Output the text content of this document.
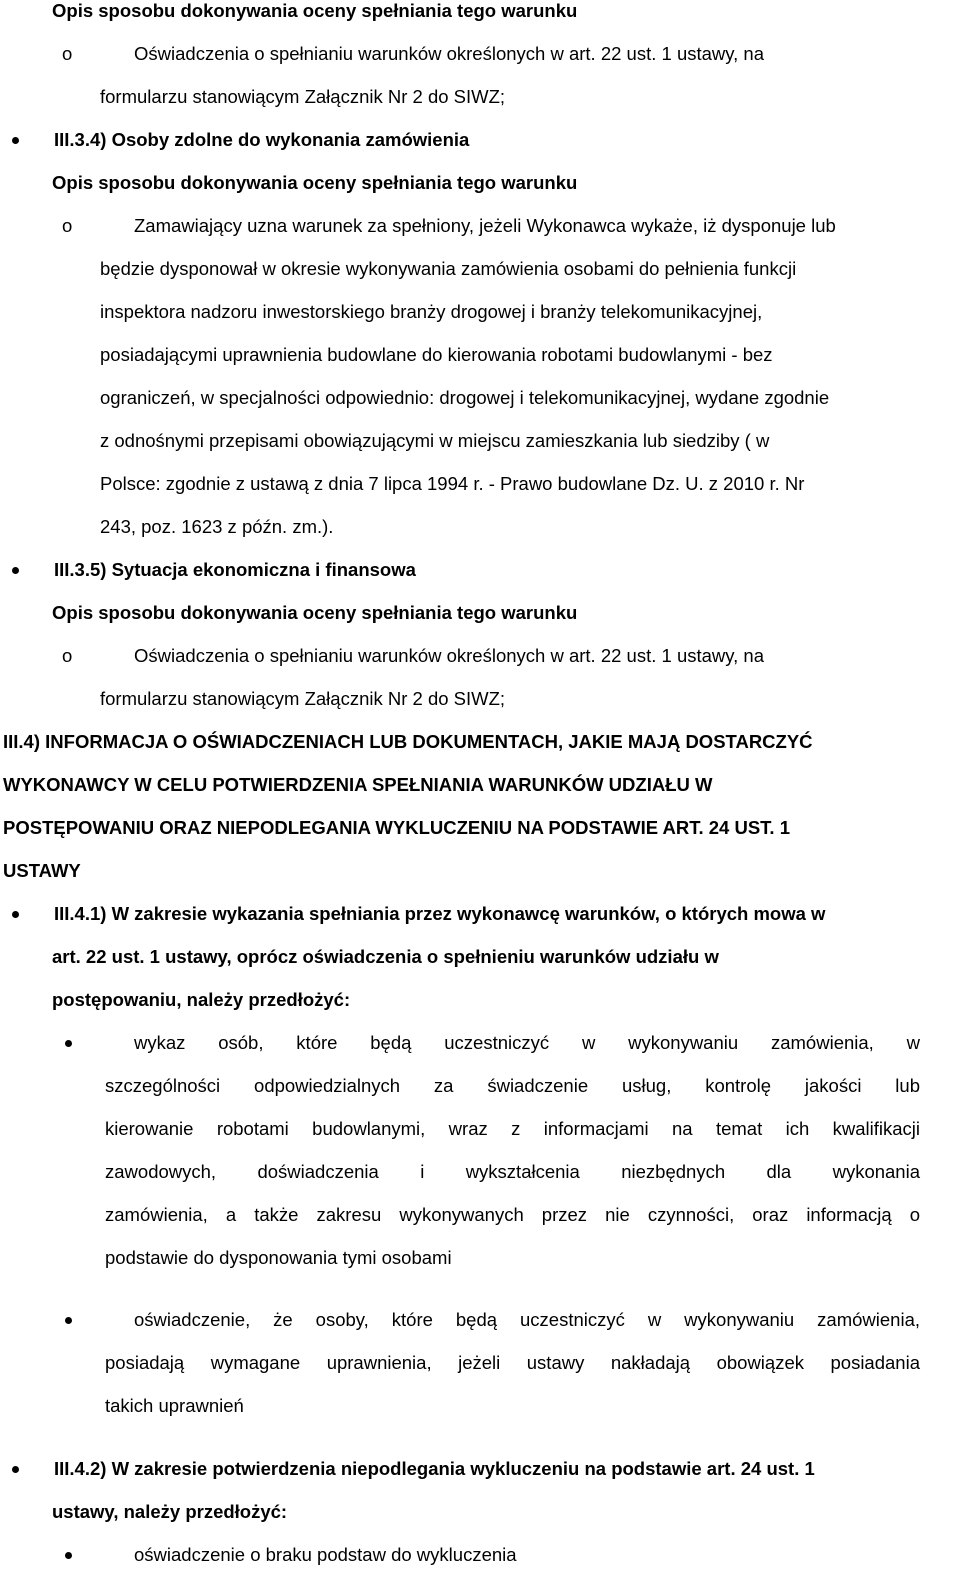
Opis sposobu dokonywania oceny spełniania tego warunku
o	Oświadczenia o spełnianiu warunków określonych w art. 22 ust. 1 ustawy, na
formularzu stanowiącym Załącznik Nr 2 do SIWZ;
III.3.4) Osoby zdolne do wykonania zamówienia
Opis sposobu dokonywania oceny spełniania tego warunku
o	Zamawiający uzna warunek za spełniony, jeżeli Wykonawca wykaże, iż dysponuje lub
będzie dysponował w okresie wykonywania zamówienia osobami do pełnienia funkcji
inspektora nadzoru inwestorskiego branży drogowej i branży telekomunikacyjnej,
posiadającymi uprawnienia budowlane do kierowania robotami budowlanymi - bez
ograniczeń, w specjalności odpowiednio: drogowej i telekomunikacyjnej, wydane zgodnie
z odnośnymi przepisami obowiązującymi w miejscu zamieszkania lub siedziby ( w
Polsce: zgodnie z ustawą z dnia 7 lipca 1994 r. - Prawo budowlane Dz. U. z 2010 r. Nr
243, poz. 1623 z późn. zm.).
III.3.5) Sytuacja ekonomiczna i finansowa
Opis sposobu dokonywania oceny spełniania tego warunku
o	Oświadczenia o spełnianiu warunków określonych w art. 22 ust. 1 ustawy, na
formularzu stanowiącym Załącznik Nr 2 do SIWZ;
III.4) INFORMACJA O OŚWIADCZENIACH LUB DOKUMENTACH, JAKIE MAJĄ DOSTARCZYĆ
WYKONAWCY W CELU POTWIERDZENIA SPEŁNIANIA WARUNKÓW UDZIAŁU W
POSTĘPOWANIU ORAZ NIEPODLEGANIA WYKLUCZENIU NA PODSTAWIE ART. 24 UST. 1
USTAWY
III.4.1) W zakresie wykazania spełniania przez wykonawcę warunków, o których mowa w
art. 22 ust. 1 ustawy, oprócz oświadczenia o spełnieniu warunków udziału w
postępowaniu, należy przedłożyć:
wykaz osób, które będą uczestniczyć w wykonywaniu zamówienia, w
szczególności odpowiedzialnych za świadczenie usług, kontrolę jakości lub
kierowanie robotami budowlanymi, wraz z informacjami na temat ich kwalifikacji
zawodowych, doświadczenia i wykształcenia niezbędnych dla wykonania
zamówienia, a także zakresu wykonywanych przez nie czynności, oraz informacją o
podstawie do dysponowania tymi osobami
oświadczenie, że osoby, które będą uczestniczyć w wykonywaniu zamówienia,
posiadają wymagane uprawnienia, jeżeli ustawy nakładają obowiązek posiadania
takich uprawnień
III.4.2) W zakresie potwierdzenia niepodlegania wykluczeniu na podstawie art. 24 ust. 1
ustawy, należy przedłożyć:
oświadczenie o braku podstaw do wykluczenia
